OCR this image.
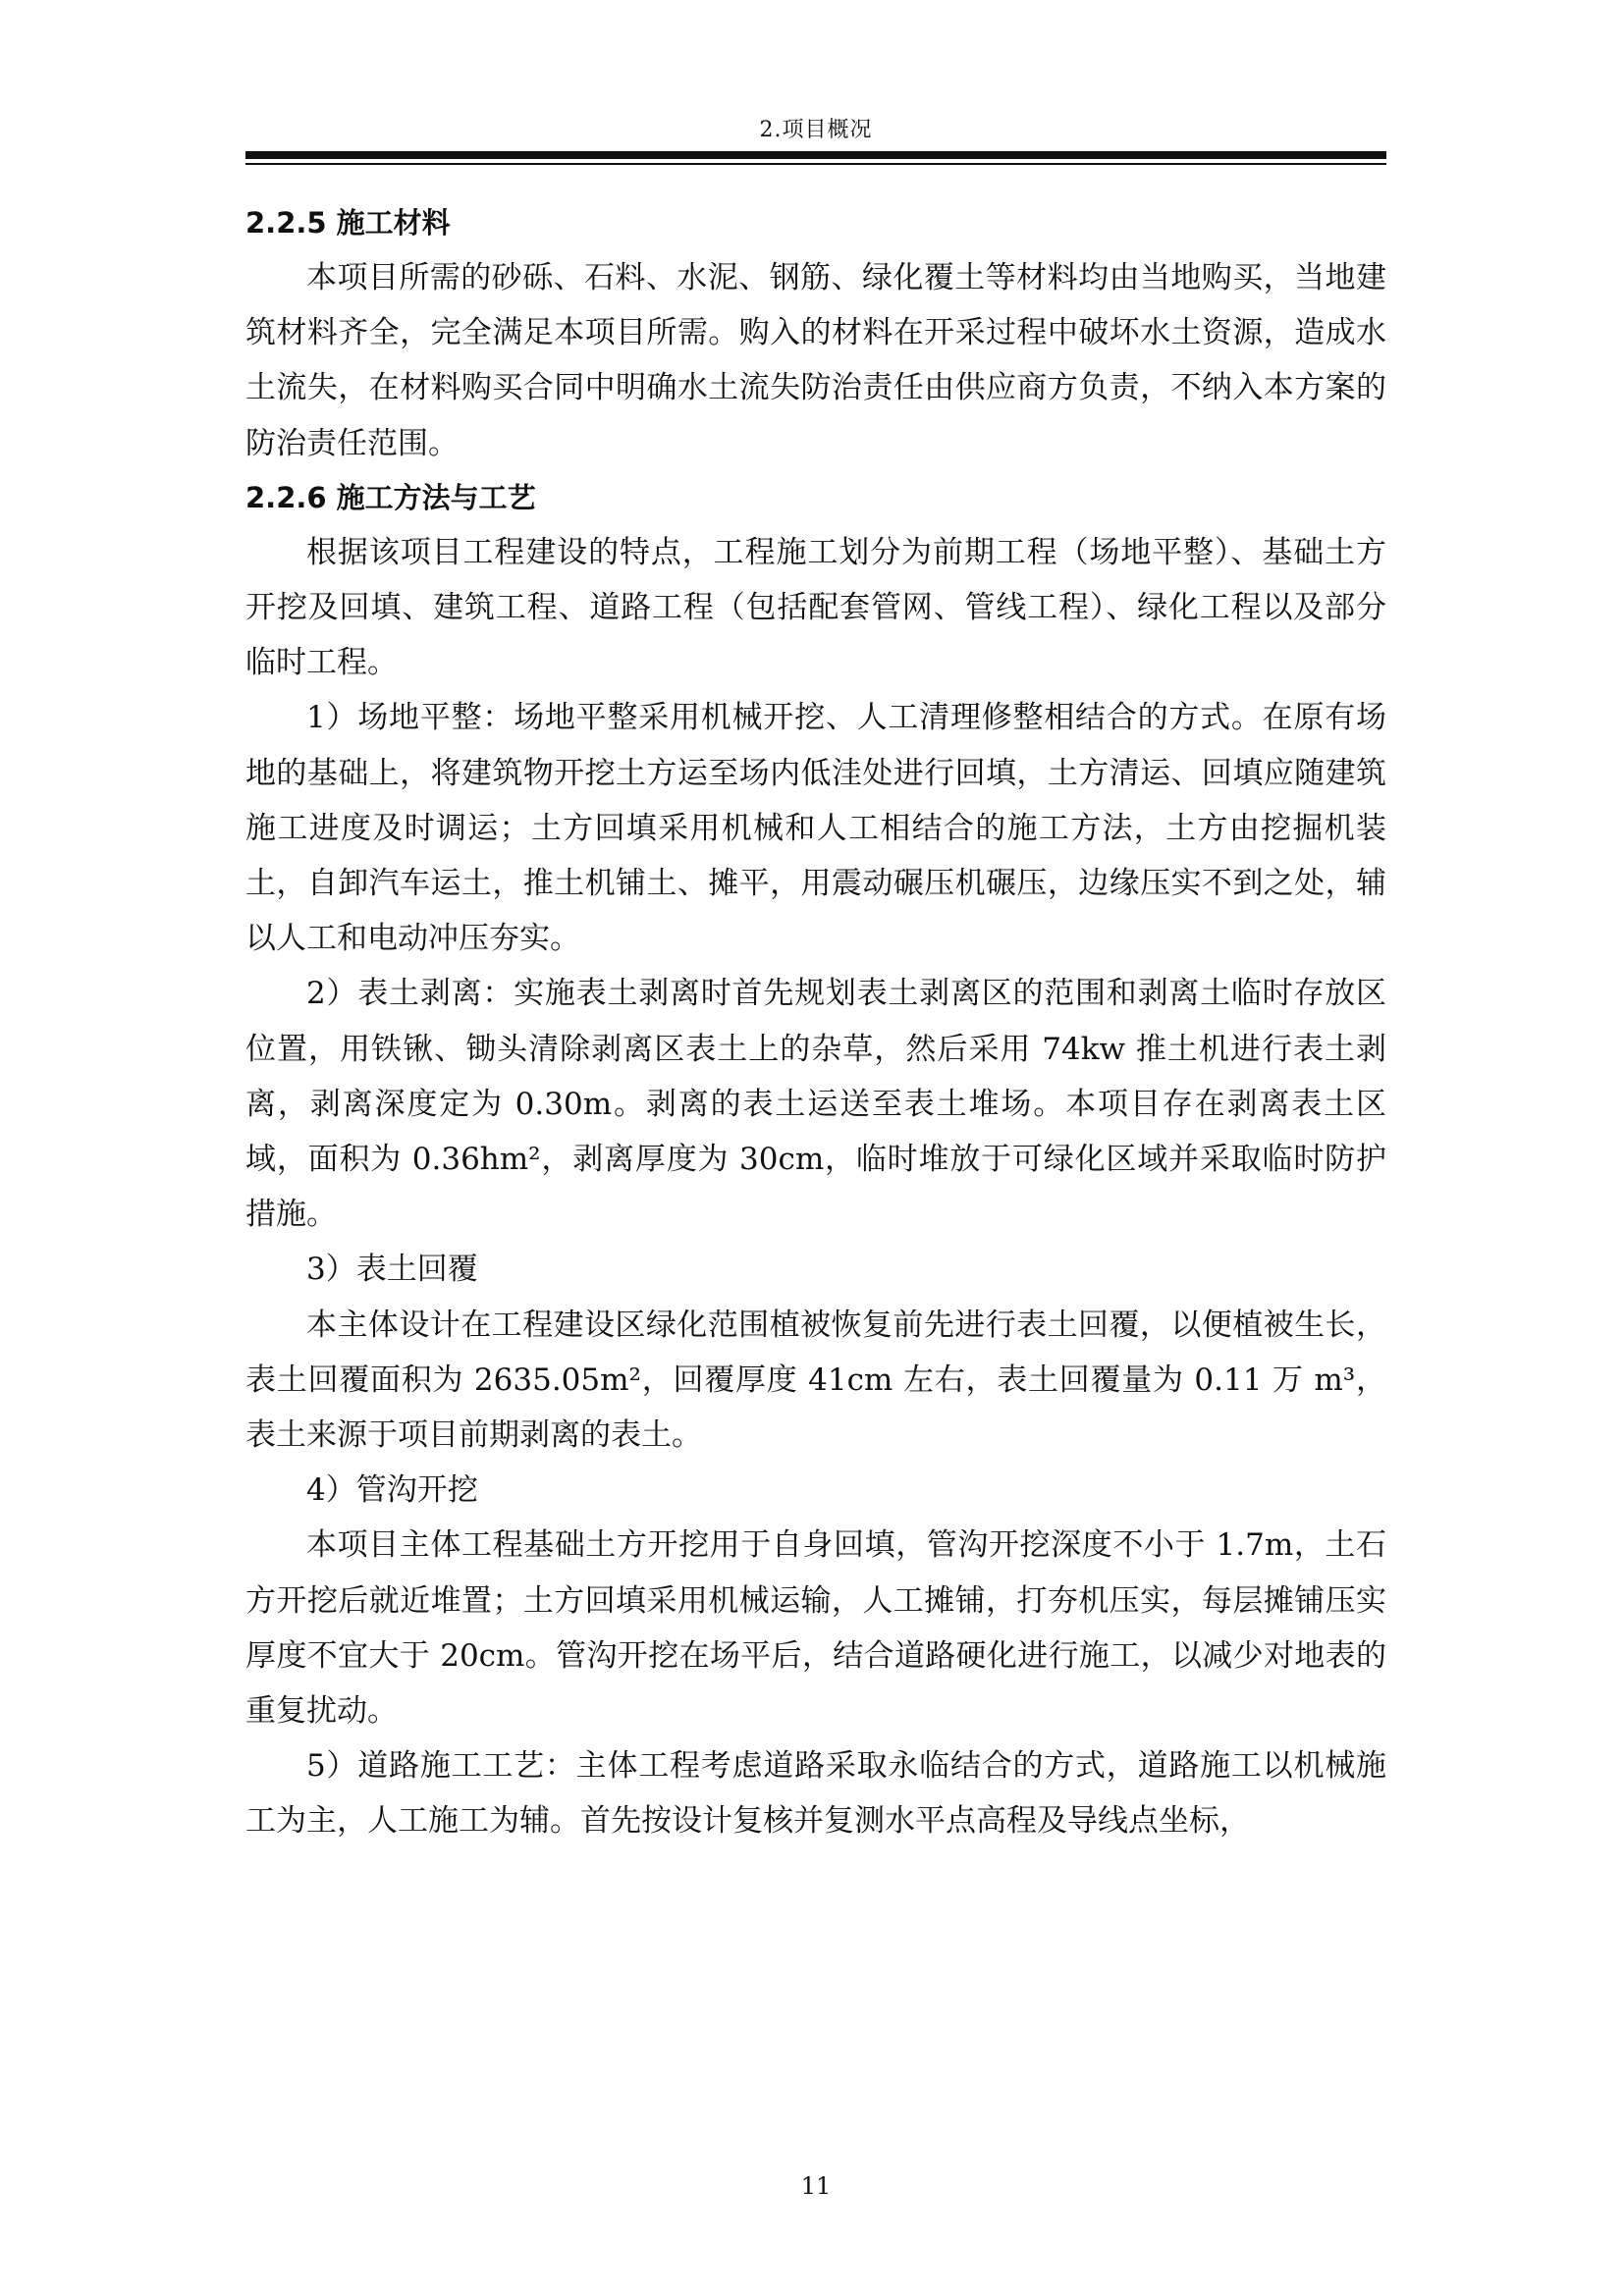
2.项目概况
2.2.5 施工材料

本项目所需的砂砾、石料、水泥、钢筋、绿化覆土等材料均由当地购买，当地建筑材料齐全，完全满足本项目所需。购入的材料在开采过程中破坏水土资源，造成水土流失，在材料购买合同中明确水土流失防治责任由供应商方负责，不纳入本方案的防治责任范围。

2.2.6 施工方法与工艺

根据该项目工程建设的特点，工程施工划分为前期工程（场地平整）、基础土方开挖及回填、建筑工程、道路工程（包括配套管网、管线工程）、绿化工程以及部分临时工程。

1）场地平整：场地平整采用机械开挖、人工清理修整相结合的方式。在原有场地的基础上，将建筑物开挖土方运至场内低洼处进行回填，土方清运、回填应随建筑施工进度及时调运；土方回填采用机械和人工相结合的施工方法，土方由挖掘机装土，自卸汽车运土，推土机铺土、摊平，用震动碾压机碾压，边缘压实不到之处，辅以人工和电动冲压夯实。

2）表土剥离：实施表土剥离时首先规划表土剥离区的范围和剥离土临时存放区位置，用铁锹、锄头清除剥离区表土上的杂草，然后采用 74kw 推土机进行表土剥离，剥离深度定为 0.30m。剥离的表土运送至表土堆场。本项目存在剥离表土区域，面积为 0.36hm²，剥离厚度为 30cm，临时堆放于可绿化区域并采取临时防护措施。

3）表土回覆

本主体设计在工程建设区绿化范围植被恢复前先进行表土回覆，以便植被生长，表土回覆面积为 2635.05m²，回覆厚度 41cm 左右，表土回覆量为 0.11 万 m³，表土来源于项目前期剥离的表土。

4）管沟开挖

本项目主体工程基础土方开挖用于自身回填，管沟开挖深度不小于 1.7m，土石方开挖后就近堆置；土方回填采用机械运输，人工摊铺，打夯机压实，每层摊铺压实厚度不宜大于 20cm。管沟开挖在场平后，结合道路硬化进行施工，以减少对地表的重复扰动。

5）道路施工工艺：主体工程考虑道路采取永临结合的方式，道路施工以机械施工为主，人工施工为辅。首先按设计复核并复测水平点高程及导线点坐标，

11
